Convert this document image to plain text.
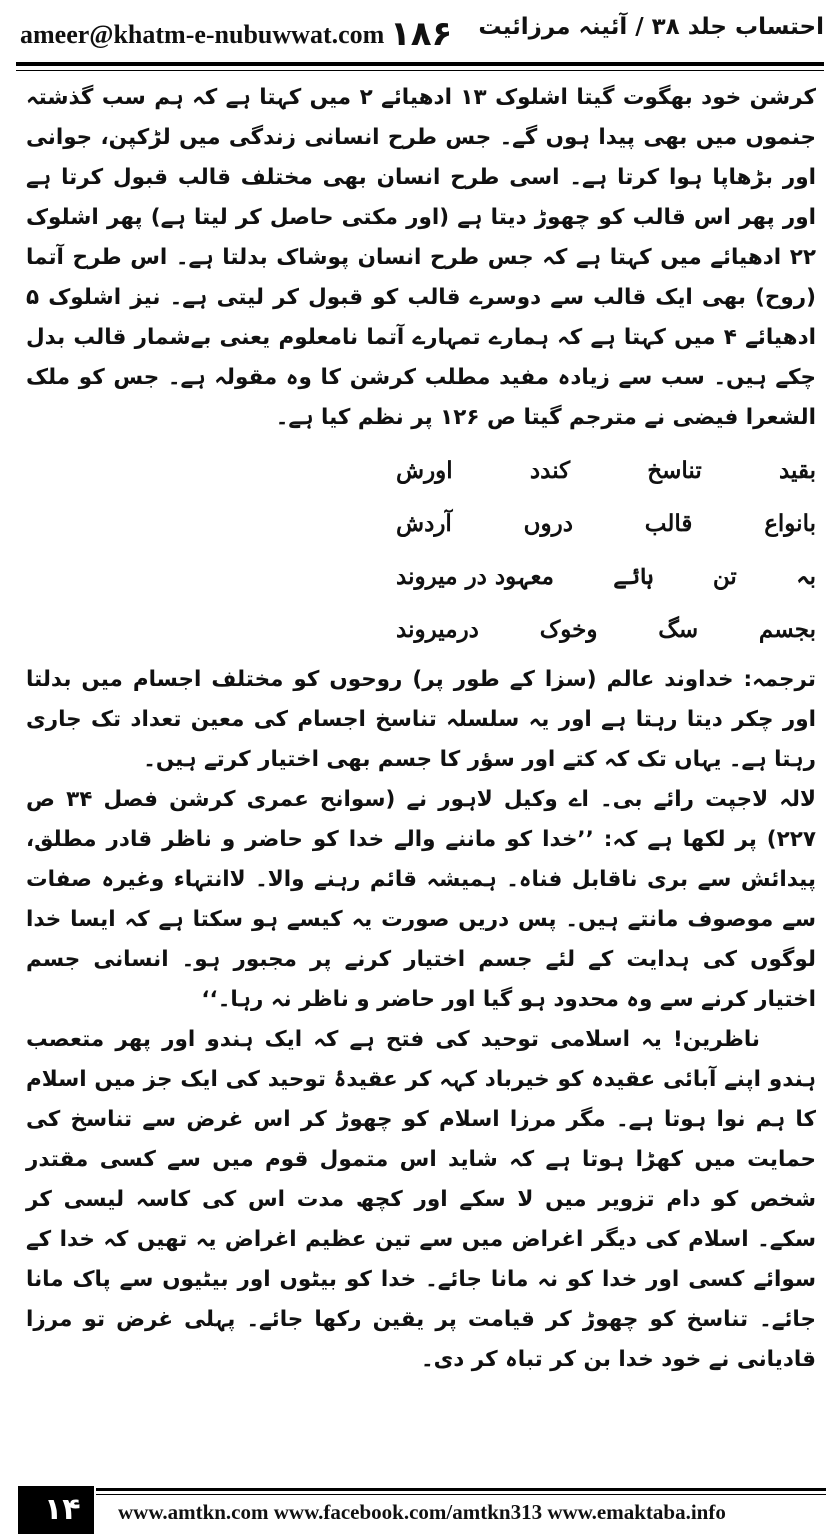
ameer@khatm-e-nubuwwat.com ۱۸۶ احتساب جلد ۳۸ / آئینہ مرزائیت

کرشن خود بھگوت گیتا اشلوک ۱۳ ادھیائے ۲ میں کہتا ہے کہ ہم سب گذشتہ جنموں میں بھی پیدا ہوں گے۔ جس طرح انسانی زندگی میں لڑکپن، جوانی اور بڑھاپا ہوا کرتا ہے۔ اسی طرح انسان بھی مختلف قالب قبول کرتا ہے اور پھر اس قالب کو چھوڑ دیتا ہے (اور مکتی حاصل کر لیتا ہے) پھر اشلوک ۲۲ ادھیائے میں کہتا ہے کہ جس طرح انسان پوشاک بدلتا ہے۔ اس طرح آتما (روح) بھی ایک قالب سے دوسرے قالب کو قبول کر لیتی ہے۔ نیز اشلوک ۵ ادھیائے ۴ میں کہتا ہے کہ ہمارے تمہارے آتما نامعلوم یعنی بےشمار قالب بدل چکے ہیں۔ سب سے زیادہ مفید مطلب کرشن کا وہ مقولہ ہے۔ جس کو ملک الشعرا فیضی نے مترجم گیتا ص ۱۲۶ پر نظم کیا ہے۔

بقید
تناسخ
کندد
اورش
بانواع
قالب
دروں
آردش
بہ
تن
ہائے
معہود در میروند
بجسم
سگ
وخوک
درمیروند

ترجمہ: خداوند عالم (سزا کے طور پر) روحوں کو مختلف اجسام میں بدلتا اور چکر دیتا رہتا ہے اور یہ سلسلہ تناسخ اجسام کی معین تعداد تک جاری رہتا ہے۔ یہاں تک کہ کتے اور سؤر کا جسم بھی اختیار کرتے ہیں۔

لالہ لاجپت رائے بی۔ اے وکیل لاہور نے (سوانح عمری کرشن فصل ۳۴ ص ۲۲۷) پر لکھا ہے کہ: ’’خدا کو ماننے والے خدا کو حاضر و ناظر قادر مطلق، پیدائش سے بری ناقابل فناہ۔ ہمیشہ قائم رہنے والا۔ لاانتہاء وغیرہ صفات سے موصوف مانتے ہیں۔ پس دریں صورت یہ کیسے ہو سکتا ہے کہ ایسا خدا لوگوں کی ہدایت کے لئے جسم اختیار کرنے پر مجبور ہو۔ انسانی جسم اختیار کرنے سے وہ محدود ہو گیا اور حاضر و ناظر نہ رہا۔‘‘

ناظرین! یہ اسلامی توحید کی فتح ہے کہ ایک ہندو اور پھر متعصب ہندو اپنے آبائی عقیدہ کو خیرباد کہہ کر عقیدۂ توحید کی ایک جز میں اسلام کا ہم نوا ہوتا ہے۔ مگر مرزا اسلام کو چھوڑ کر اس غرض سے تناسخ کی حمایت میں کھڑا ہوتا ہے کہ شاید اس متمول قوم میں سے کسی مقتدر شخص کو دام تزویر میں لا سکے اور کچھ مدت اس کی کاسہ لیسی کر سکے۔ اسلام کی دیگر اغراض میں سے تین عظیم اغراض یہ تھیں کہ خدا کے سوائے کسی اور خدا کو نہ مانا جائے۔ خدا کو بیٹوں اور بیٹیوں سے پاک مانا جائے۔ تناسخ کو چھوڑ کر قیامت پر یقین رکھا جائے۔ پہلی غرض تو مرزا قادیانی نے خود خدا بن کر تباہ کر دی۔

۱۴ www.amtkn.com www.facebook.com/amtkn313 www.emaktaba.info
